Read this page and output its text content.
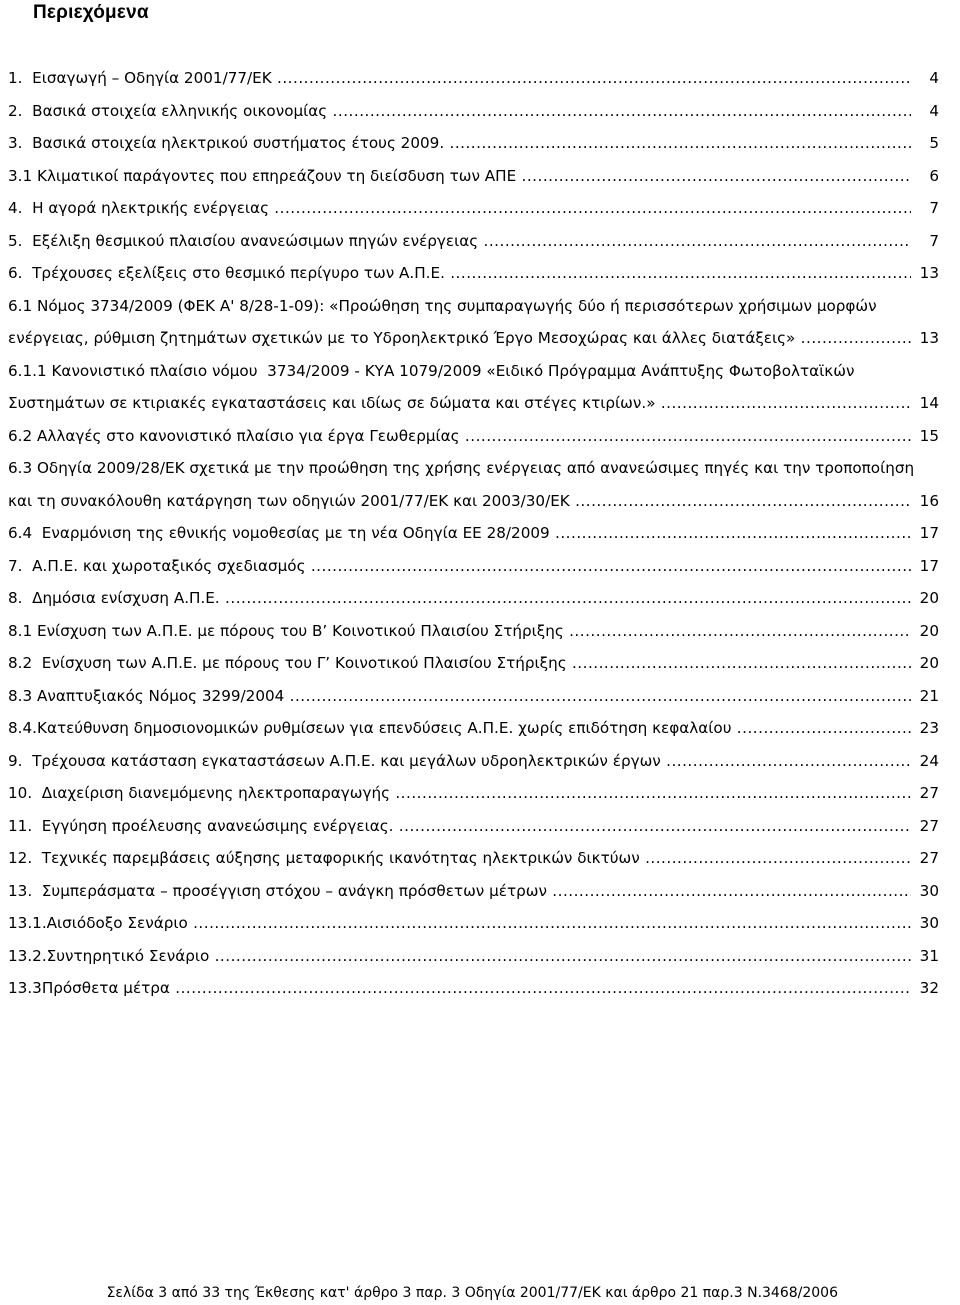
Περιεχόμενα
1.  Εισαγωγή – Οδηγία 2001/77/ΕΚ .....	4
2.  Βασικά στοιχεία ελληνικής οικονομίας .....	4
3.  Βασικά στοιχεία ηλεκτρικού συστήματος έτους 2009. .....	5
3.1 Κλιματικοί παράγοντες που επηρεάζουν τη διείσδυση των ΑΠΕ .....	6
4.  Η αγορά ηλεκτρικής ενέργειας .....	7
5.  Εξέλιξη θεσμικού πλαισίου ανανεώσιμων πηγών ενέργειας .....	7
6.  Τρέχουσες εξελίξεις στο θεσμικό περίγυρο των Α.Π.Ε. .....	13
6.1 Νόμος 3734/2009 (ΦΕΚ Α' 8/28-1-09): «Προώθηση της συμπαραγωγής δύο ή περισσότερων χρήσιμων μορφών
ενέργειας, ρύθμιση ζητημάτων σχετικών με το Υδροηλεκτρικό Έργο Μεσοχώρας και άλλες διατάξεις» .....	13
6.1.1 Κανονιστικό πλαίσιο νόμου  3734/2009 - ΚΥΑ 1079/2009 «Ειδικό Πρόγραμμα Ανάπτυξης Φωτοβολταϊκών
Συστημάτων σε κτιριακές εγκαταστάσεις και ιδίως σε δώματα και στέγες κτιρίων.» .....	14
6.2 Αλλαγές στο κανονιστικό πλαίσιο για έργα Γεωθερμίας .....	15
6.3 Οδηγία 2009/28/ΕΚ σχετικά με την προώθηση της χρήσης ενέργειας από ανανεώσιμες πηγές και την τροποποίηση
και τη συνακόλουθη κατάργηση των οδηγιών 2001/77/ΕΚ και 2003/30/ΕΚ .....	16
6.4  Εναρμόνιση της εθνικής νομοθεσίας με τη νέα Οδηγία ΕΕ 28/2009 .....	17
7.  Α.Π.Ε. και χωροταξικός σχεδιασμός .....	17
8.  Δημόσια ενίσχυση Α.Π.Ε. .....	20
8.1 Ενίσχυση των Α.Π.Ε. με πόρους του Β’ Κοινοτικού Πλαισίου Στήριξης .....	20
8.2  Ενίσχυση των Α.Π.Ε. με πόρους του Γ’ Κοινοτικού Πλαισίου Στήριξης .....	20
8.3 Αναπτυξιακός Νόμος 3299/2004 .....	21
8.4.Κατεύθυνση δημοσιονομικών ρυθμίσεων για επενδύσεις Α.Π.Ε. χωρίς επιδότηση κεφαλαίου .....	23
9.  Τρέχουσα κατάσταση εγκαταστάσεων Α.Π.Ε. και μεγάλων υδροηλεκτρικών έργων .....	24
10.  Διαχείριση διανεμόμενης ηλεκτροπαραγωγής .....	27
11.  Εγγύηση προέλευσης ανανεώσιμης ενέργειας. .....	27
12.  Τεχνικές παρεμβάσεις αύξησης μεταφορικής ικανότητας ηλεκτρικών δικτύων .....	27
13.  Συμπεράσματα – προσέγγιση στόχου – ανάγκη πρόσθετων μέτρων .....	30
13.1.Αισιόδοξο Σενάριο .....	30
13.2.Συντηρητικό Σενάριο .....	31
13.3Πρόσθετα μέτρα .....	32
Σελίδα 3 από 33 της Έκθεσης κατ' άρθρο 3 παρ. 3 Οδηγία 2001/77/ΕΚ και άρθρο 21 παρ.3 Ν.3468/2006
